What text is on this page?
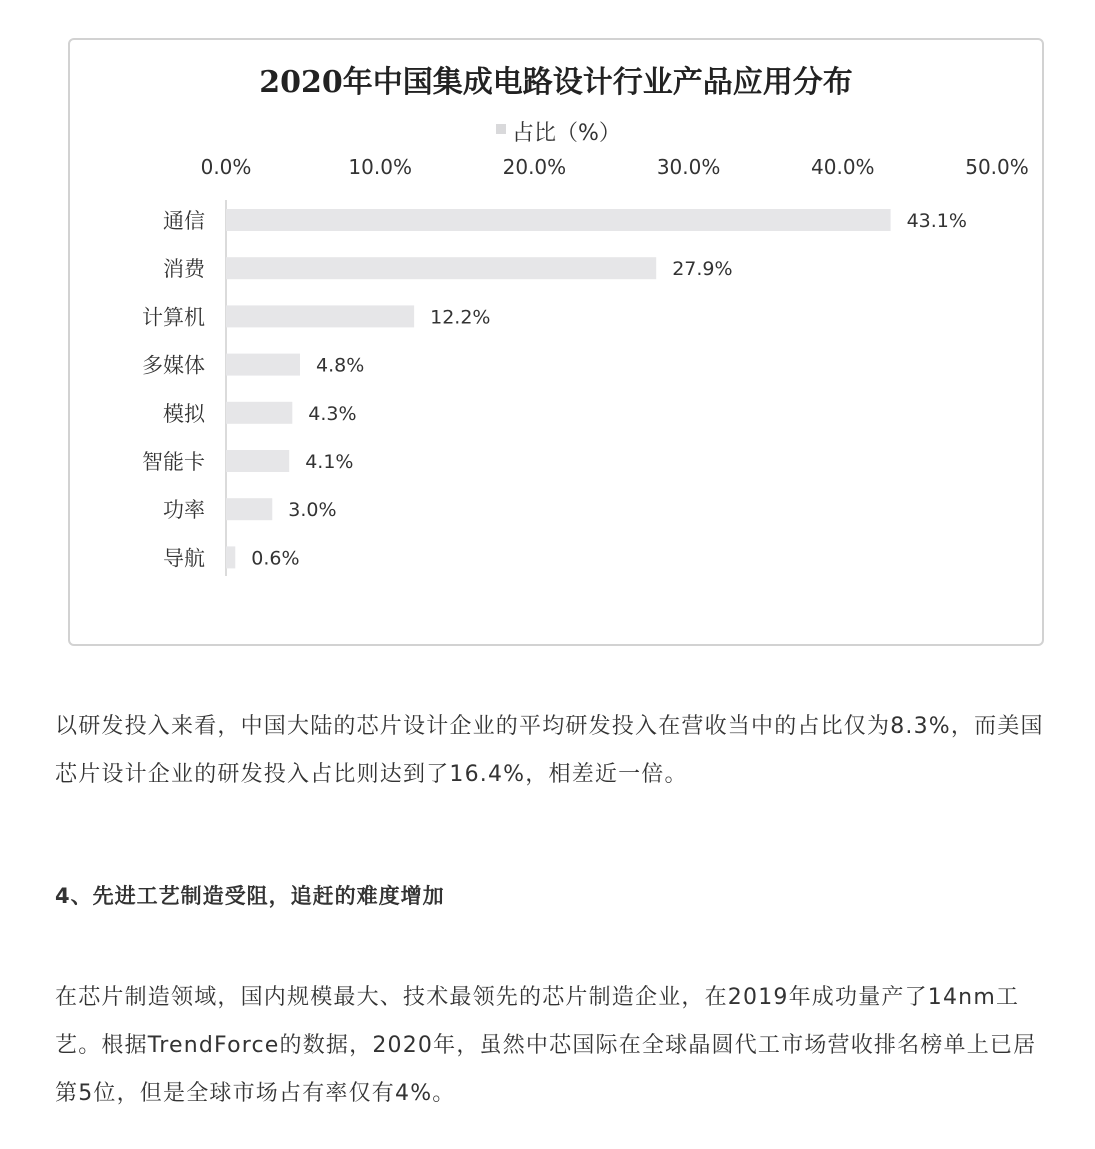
2020年中国集成电路设计行业产品应用分布
占比（%）
0.0%	10.0%	20.0%	30.0%	40.0%	50.0%
通信	43.1%
消费	27.9%
计算机	12.2%
多媒体	4.8%
模拟	4.3%
智能卡	4.1%
功率	3.0%
导航 0.6%

以研发投入来看，中国大陆的芯片设计企业的平均研发投入在营收当中的占比仅为8.3%，而美国芯片设计企业的研发投入占比则达到了16.4%，相差近一倍。

4、先进工艺制造受阻，追赶的难度增加

在芯片制造领域，国内规模最大、技术最领先的芯片制造企业，在2019年成功量产了14nm工艺。根据TrendForce的数据，2020年，虽然中芯国际在全球晶圆代工市场营收排名榜单上已居第5位，但是全球市场占有率仅有4%。
